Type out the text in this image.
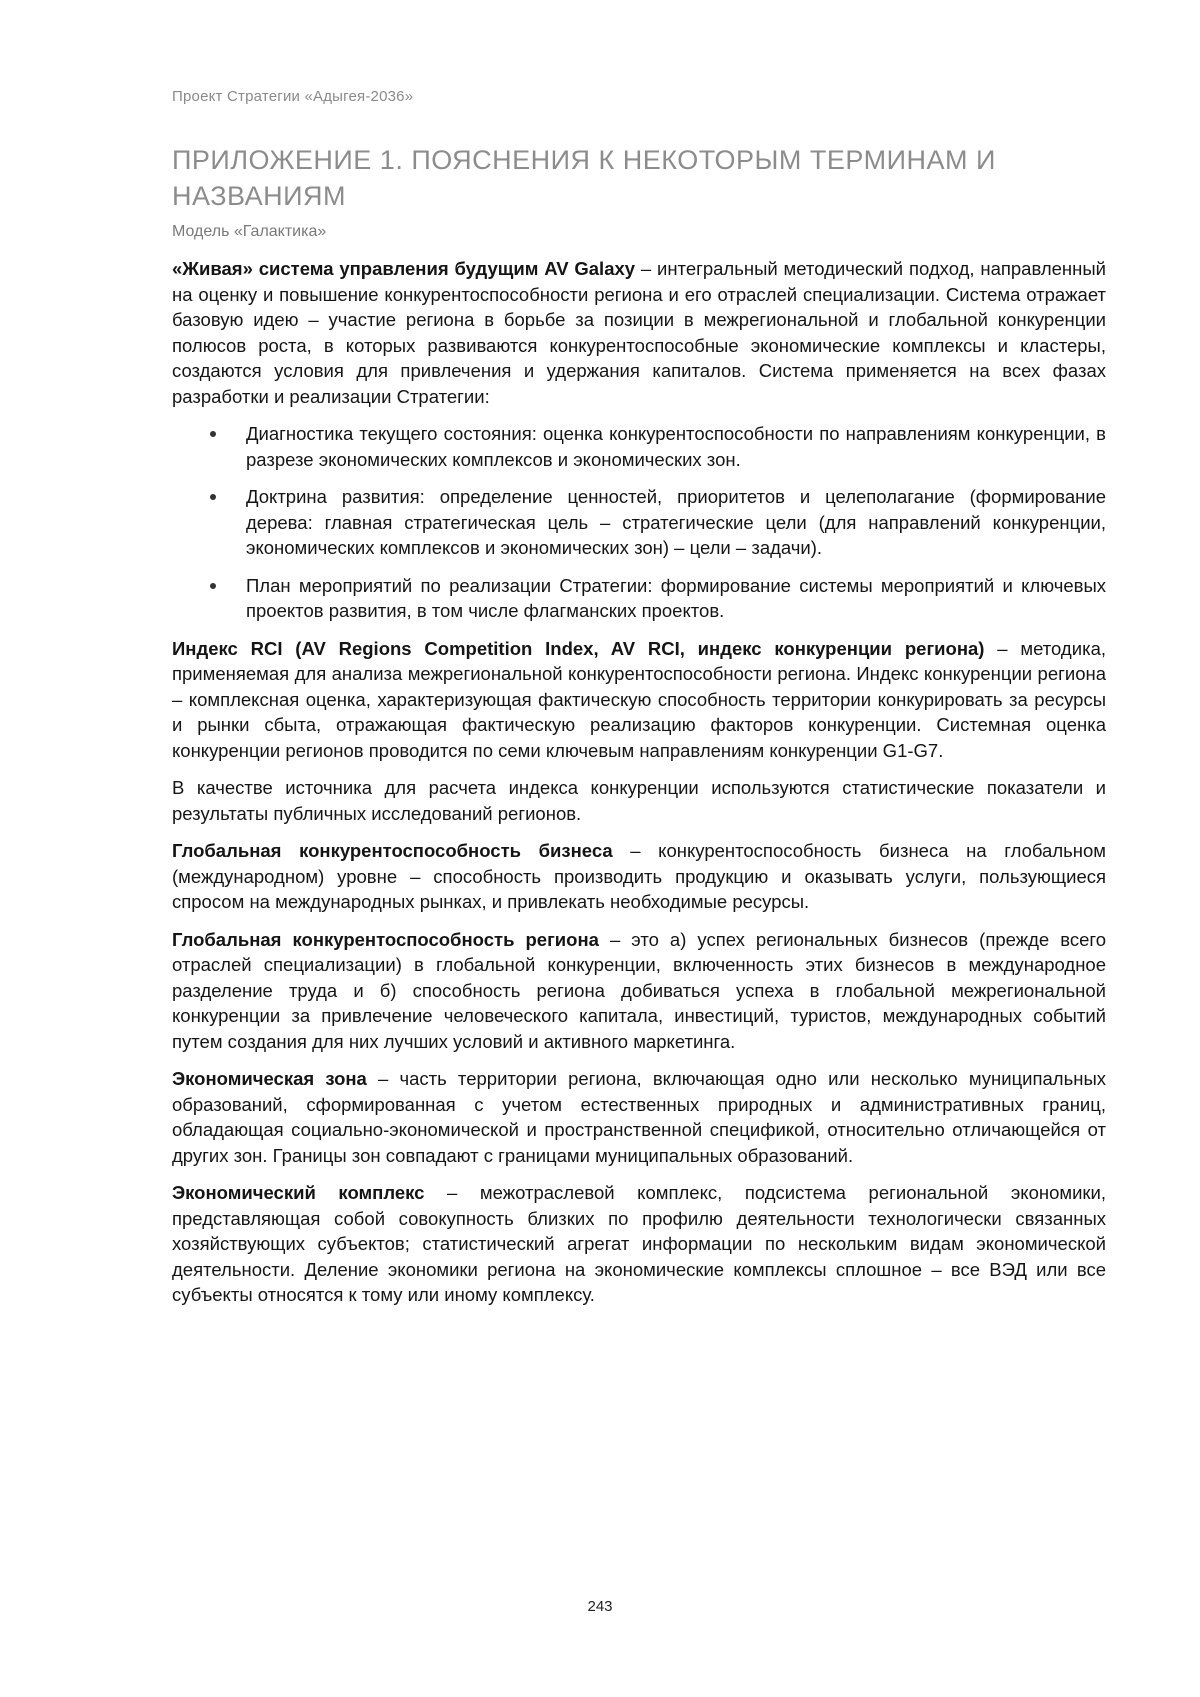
Проект Стратегии «Адыгея-2036»
ПРИЛОЖЕНИЕ 1. ПОЯСНЕНИЯ К НЕКОТОРЫМ ТЕРМИНАМ И НАЗВАНИЯМ
Модель «Галактика»

«Живая» система управления будущим AV Galaxy – интегральный методический подход, направленный на оценку и повышение конкурентоспособности региона и его отраслей специализации. Система отражает базовую идею – участие региона в борьбе за позиции в межрегиональной и глобальной конкуренции полюсов роста, в которых развиваются конкурентоспособные экономические комплексы и кластеры, создаются условия для привлечения и удержания капиталов. Система применяется на всех фазах разработки и реализации Стратегии:

Диагностика текущего состояния: оценка конкурентоспособности по направлениям конкуренции, в разрезе экономических комплексов и экономических зон.
Доктрина развития: определение ценностей, приоритетов и целеполагание (формирование дерева: главная стратегическая цель – стратегические цели (для направлений конкуренции, экономических комплексов и экономических зон) – цели – задачи).
План мероприятий по реализации Стратегии: формирование системы мероприятий и ключевых проектов развития, в том числе флагманских проектов.

Индекс RCI (AV Regions Competition Index, AV RCI, индекс конкуренции региона) – методика, применяемая для анализа межрегиональной конкурентоспособности региона. Индекс конкуренции региона – комплексная оценка, характеризующая фактическую способность территории конкурировать за ресурсы и рынки сбыта, отражающая фактическую реализацию факторов конкуренции. Системная оценка конкуренции регионов проводится по семи ключевым направлениям конкуренции G1-G7.

В качестве источника для расчета индекса конкуренции используются статистические показатели и результаты публичных исследований регионов.

Глобальная конкурентоспособность бизнеса – конкурентоспособность бизнеса на глобальном (международном) уровне – способность производить продукцию и оказывать услуги, пользующиеся спросом на международных рынках, и привлекать необходимые ресурсы.

Глобальная конкурентоспособность региона – это а) успех региональных бизнесов (прежде всего отраслей специализации) в глобальной конкуренции, включенность этих бизнесов в международное разделение труда и б) способность региона добиваться успеха в глобальной межрегиональной конкуренции за привлечение человеческого капитала, инвестиций, туристов, международных событий путем создания для них лучших условий и активного маркетинга.

Экономическая зона – часть территории региона, включающая одно или несколько муниципальных образований, сформированная с учетом естественных природных и административных границ, обладающая социально-экономической и пространственной спецификой, относительно отличающейся от других зон. Границы зон совпадают с границами муниципальных образований.

Экономический комплекс – межотраслевой комплекс, подсистема региональной экономики, представляющая собой совокупность близких по профилю деятельности технологически связанных хозяйствующих субъектов; статистический агрегат информации по нескольким видам экономической деятельности. Деление экономики региона на экономические комплексы сплошное – все ВЭД или все субъекты относятся к тому или иному комплексу.

243
